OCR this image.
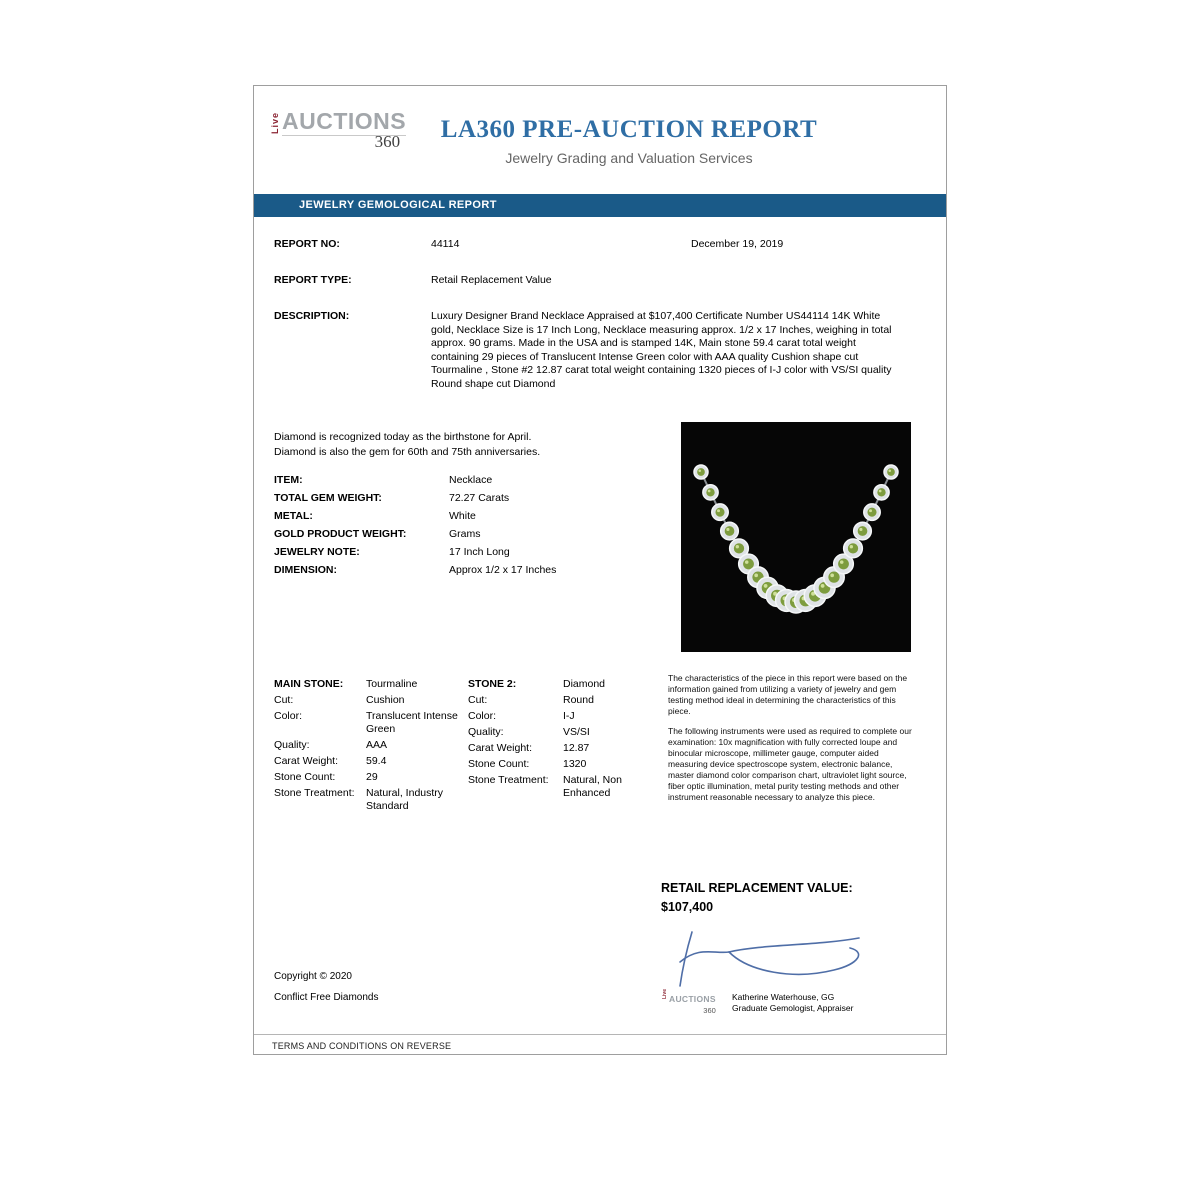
Live AUCTIONS
360	LA360 PRE-AUCTION REPORT
Jewelry Grading and Valuation Services
JEWELRY GEMOLOGICAL REPORT
REPORT NO:	44114	December 19, 2019
REPORT TYPE:	Retail Replacement Value
DESCRIPTION:	Luxury Designer Brand Necklace Appraised at $107,400 Certificate Number US44114 14K White gold, Necklace Size is 17 Inch Long, Necklace measuring approx. 1/2 x 17 Inches, weighing in total approx. 90 grams. Made in the USA and is stamped 14K, Main stone 59.4 carat total weight containing 29 pieces of Translucent Intense Green color with AAA quality Cushion shape cut Tourmaline , Stone #2 12.87 carat total weight containing 1320 pieces of I-J color with VS/SI quality Round shape cut Diamond
Diamond is recognized today as the birthstone for April.
Diamond is also the gem for 60th and 75th anniversaries.
ITEM:	Necklace
TOTAL GEM WEIGHT:	72.27 Carats
METAL:	White
GOLD PRODUCT WEIGHT:	Grams
JEWELRY NOTE:	17 Inch Long
DIMENSION:	Approx 1/2 x 17 Inches
MAIN STONE:	Tourmaline
Cut:	Cushion
Color:	Translucent Intense Green
Quality:	AAA
Carat Weight:	59.4
Stone Count:	29
Stone Treatment:	Natural, Industry Standard
STONE 2:	Diamond
Cut:	Round
Color:	I-J
Quality:	VS/SI
Carat Weight:	12.87
Stone Count:	1320
Stone Treatment:	Natural, Non Enhanced

The characteristics of the piece in this report were based on the information gained from utilizing a variety of jewelry and gem testing method ideal in determining the characteristics of this piece.

The following instruments were used as required to complete our examination: 10x magnification with fully corrected loupe and binocular microscope, millimeter gauge, computer aided measuring device spectroscope system, electronic balance, master diamond color comparison chart, ultraviolet light source, fiber optic illumination, metal purity testing methods and other instrument reasonable necessary to analyze this piece.

RETAIL REPLACEMENT VALUE:
$107,400
Copyright © 2020
Conflict Free Diamonds	Live AUCTIONS
360
Katherine Waterhouse, GG
Graduate Gemologist, Appraiser
TERMS AND CONDITIONS ON REVERSE
